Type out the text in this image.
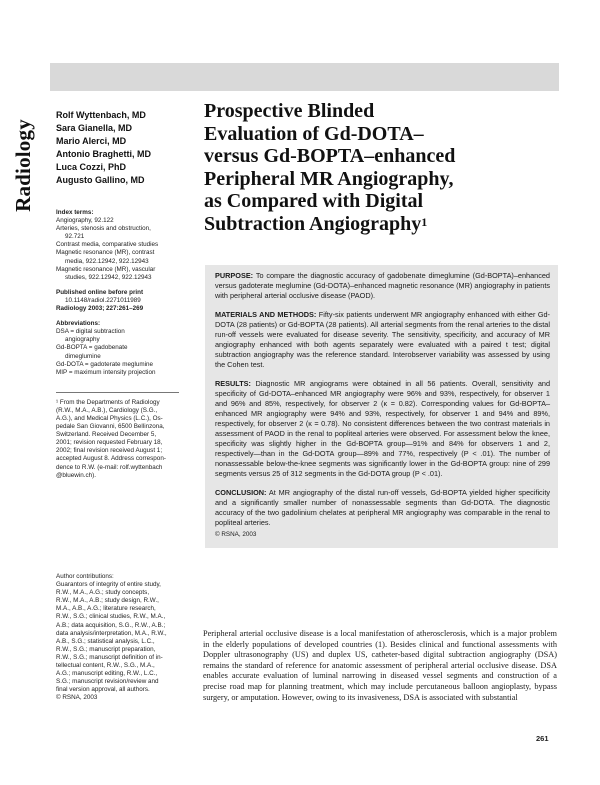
Radiology
Rolf Wyttenbach, MD
Sara Gianella, MD
Mario Alerci, MD
Antonio Braghetti, MD
Luca Cozzi, PhD
Augusto Gallino, MD
Prospective Blinded
Evaluation of Gd-DOTA–
versus Gd-BOPTA–enhanced
Peripheral MR Angiography,
as Compared with Digital
Subtraction Angiography$^1$
Index terms:
Angiography, 92.122
Arteries, stenosis and obstruction,
92.721
Contrast media, comparative studies
Magnetic resonance (MR), contrast
media, 922.12942, 922.12943
Magnetic resonance (MR), vascular
studies, 922.12942, 922.12943
Published online before print
10.1148/radiol.2271011989
Radiology 2003; 227:261–269
Abbreviations:
DSA = digital subtraction
angiography
Gd-BOPTA = gadobenate
dimeglumine
Gd-DOTA = gadoterate meglumine
MIP = maximum intensity projection
¹ From the Departments of Radiology
(R.W., M.A., A.B.), Cardiology (S.G.,
A.G.), and Medical Physics (L.C.), Os-
pedale San Giovanni, 6500 Bellinzona,
Switzerland. Received December 5,
2001; revision requested February 18,
2002; final revision received August 1;
accepted August 8. Address correspon-
dence to R.W. (e-mail: rolf.wyttenbach
@bluewin.ch).
Author contributions:
Guarantors of integrity of entire study,
R.W., M.A., A.G.; study concepts,
R.W., M.A., A.B.; study design, R.W.,
M.A., A.B., A.G.; literature research,
R.W., S.G.; clinical studies, R.W., M.A.,
A.B.; data acquisition, S.G., R.W., A.B.;
data analysis/interpretation, M.A., R.W.,
A.B., S.G.; statistical analysis, L.C.,
R.W., S.G.; manuscript preparation,
R.W., S.G.; manuscript definition of in-
tellectual content, R.W., S.G., M.A.,
A.G.; manuscript editing, R.W., L.C.,
S.G.; manuscript revision/review and
final version approval, all authors.
© RSNA, 2003

PURPOSE: To compare the diagnostic accuracy of gadobenate dimeglumine (Gd-BOPTA)–enhanced versus gadoterate meglumine (Gd-DOTA)–enhanced magnetic resonance (MR) angiography in patients with peripheral arterial occlusive disease (PAOD).

MATERIALS AND METHODS: Fifty-six patients underwent MR angiography enhanced with either Gd-DOTA (28 patients) or Gd-BOPTA (28 patients). All arterial segments from the renal arteries to the distal run-off vessels were evaluated for disease severity. The sensitivity, specificity, and accuracy of MR angiography enhanced with both agents separately were evaluated with a paired t test; digital subtraction angiography was the reference standard. Interobserver variability was assessed by using the Cohen test.

RESULTS: Diagnostic MR angiograms were obtained in all 56 patients. Overall, sensitivity and specificity of Gd-DOTA–enhanced MR angiography were 96% and 93%, respectively, for observer 1 and 96% and 85%, respectively, for observer 2 (κ = 0.82). Corresponding values for Gd-BOPTA–enhanced MR angiography were 94% and 93%, respectively, for observer 1 and 94% and 89%, respectively, for observer 2 (κ = 0.78). No consistent differences between the two contrast materials in assessment of PAOD in the renal to popliteal arteries were observed. For assessment below the knee, specificity was slightly higher in the Gd-BOPTA group—91% and 84% for observers 1 and 2, respectively—than in the Gd-DOTA group—89% and 77%, respectively (P < .01). The number of nonassessable below-the-knee segments was significantly lower in the Gd-BOPTA group: nine of 299 segments versus 25 of 312 segments in the Gd-DOTA group (P < .01).

CONCLUSION: At MR angiography of the distal run-off vessels, Gd-BOPTA yielded higher specificity and a significantly smaller number of nonassessable segments than Gd-DOTA. The diagnostic accuracy of the two gadolinium chelates at peripheral MR angiography was comparable in the renal to popliteal arteries.

© RSNA, 2003

Peripheral arterial occlusive disease is a local manifestation of atherosclerosis, which is a major problem in the elderly populations of developed countries (1). Besides clinical and functional assessments with Doppler ultrasonography (US) and duplex US, catheter-based digital subtraction angiography (DSA) remains the standard of reference for anatomic assessment of peripheral arterial occlusive disease. DSA enables accurate evaluation of luminal narrowing in diseased vessel segments and construction of a precise road map for planning treatment, which may include percutaneous balloon angioplasty, bypass surgery, or amputation. However, owing to its invasiveness, DSA is associated with substantial
261
